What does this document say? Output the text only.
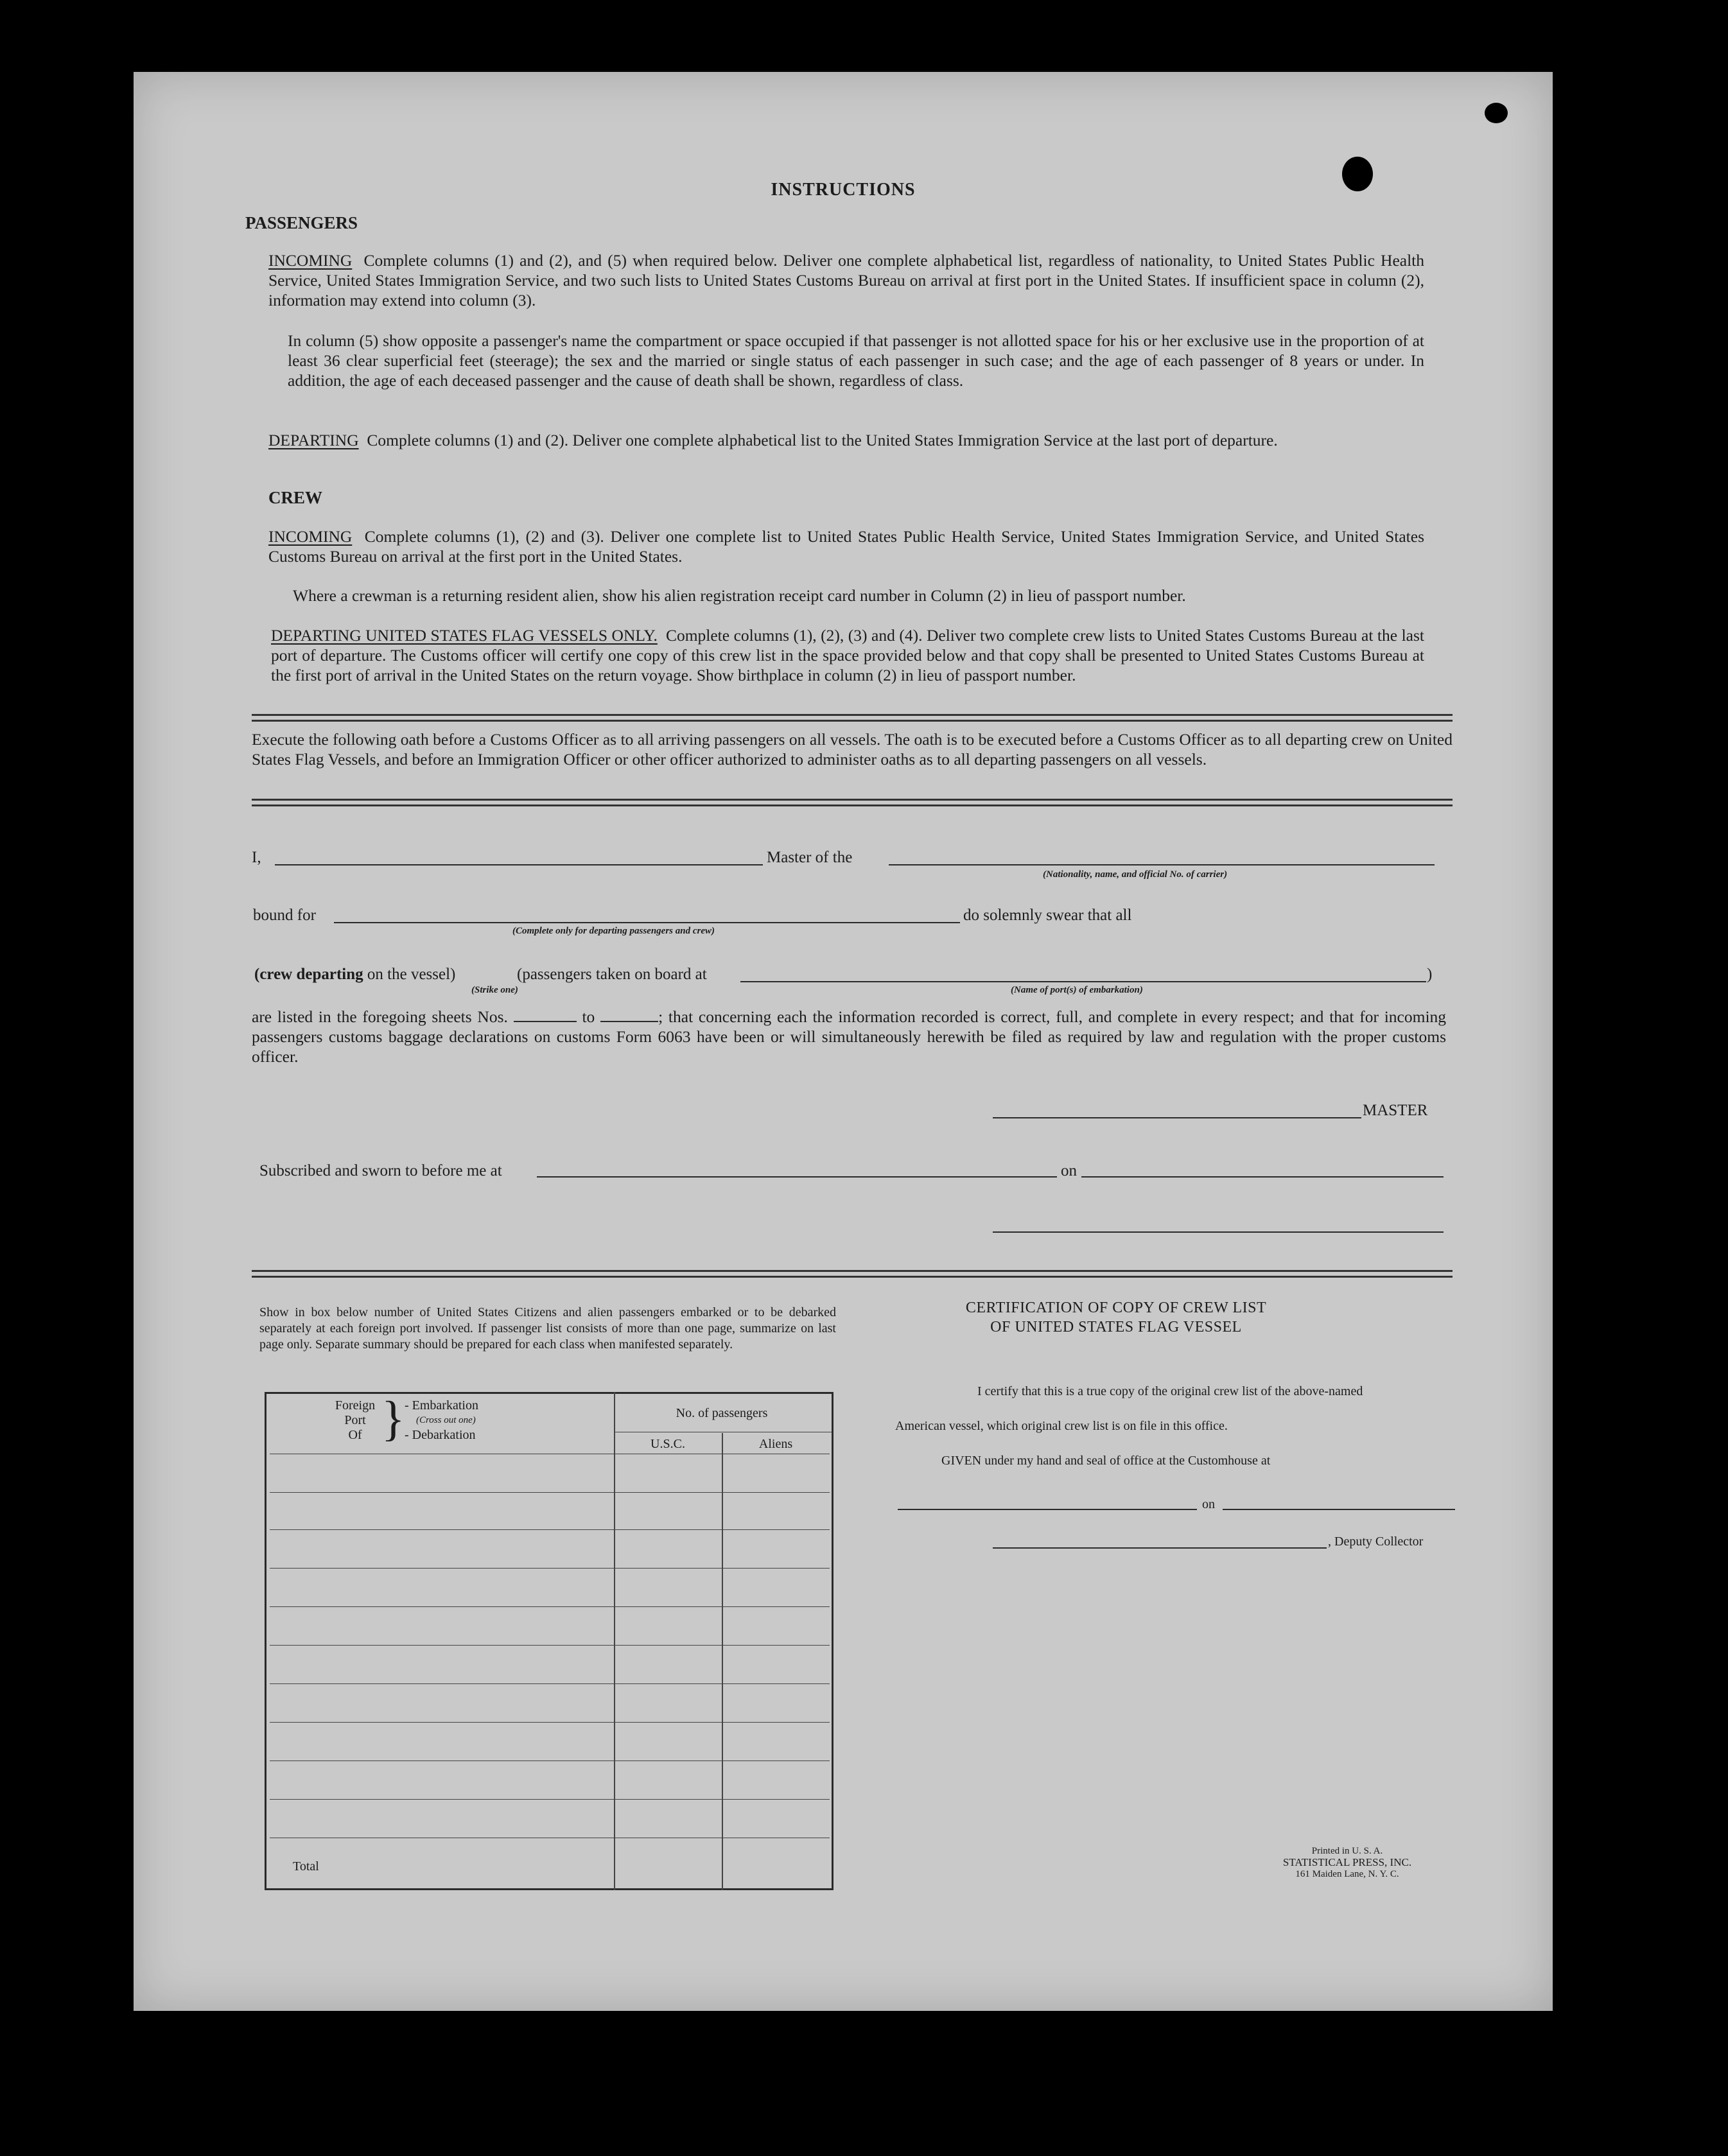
INSTRUCTIONS
PASSENGERS
INCOMING Complete columns (1) and (2), and (5) when required below. Deliver one complete alphabetical list, regardless of nationality, to United States Public Health Service, United States Immigration Service, and two such lists to United States Customs Bureau on arrival at first port in the United States. If insufficient space in column (2), information may extend into column (3).
In column (5) show opposite a passenger's name the compartment or space occupied if that passenger is not allotted space for his or her exclusive use in the proportion of at least 36 clear superficial feet (steerage); the sex and the married or single status of each passenger in such case; and the age of each passenger of 8 years or under. In addition, the age of each deceased passenger and the cause of death shall be shown, regardless of class.
DEPARTING Complete columns (1) and (2). Deliver one complete alphabetical list to the United States Immigration Service at the last port of departure.
CREW
INCOMING Complete columns (1), (2) and (3). Deliver one complete list to United States Public Health Service, United States Immigration Service, and United States Customs Bureau on arrival at the first port in the United States.
Where a crewman is a returning resident alien, show his alien registration receipt card number in Column (2) in lieu of passport number.
DEPARTING UNITED STATES FLAG VESSELS ONLY. Complete columns (1), (2), (3) and (4). Deliver two complete crew lists to United States Customs Bureau at the last port of departure. The Customs officer will certify one copy of this crew list in the space provided below and that copy shall be presented to United States Customs Bureau at the first port of arrival in the United States on the return voyage. Show birthplace in column (2) in lieu of passport number.
Execute the following oath before a Customs Officer as to all arriving passengers on all vessels. The oath is to be executed before a Customs Officer as to all departing crew on United States Flag Vessels, and before an Immigration Officer or other officer authorized to administer oaths as to all departing passengers on all vessels.
I,	Master of the
(Nationality, name, and official No. of carrier)
bound for
(Complete only for departing passengers and crew)
do solemnly swear that all
(crew departing on the vessel)	(passengers taken on board at	)
(Strike one)	(Name of port(s) of embarkation)
are listed in the foregoing sheets Nos.	to	; that concerning each the information recorded is correct, full, and complete in every respect; and that for incoming passengers customs baggage declarations on customs Form 6063 have been or will simultaneously herewith be filed as required by law and regulation with the proper customs officer.
MASTER
Subscribed and sworn to before me at	on
Show in box below number of United States Citizens and alien passengers embarked or to be debarked separately at each foreign port involved. If passenger list consists of more than one page, summarize on last page only. Separate summary should be prepared for each class when manifested separately.
Foreign
Port
Of } - Embarkation
(Cross out one)
- Debarkation
No. of passengers
U.S.C.	Aliens
Total
CERTIFICATION OF COPY OF CREW LIST
OF UNITED STATES FLAG VESSEL
I certify that this is a true copy of the original crew list of the above-named
American vessel, which original crew list is on file in this office.
GIVEN under my hand and seal of office at the Customhouse at
on
, Deputy Collector
Printed in U. S. A.
STATISTICAL PRESS, INC.
161 Maiden Lane, N. Y. C.
